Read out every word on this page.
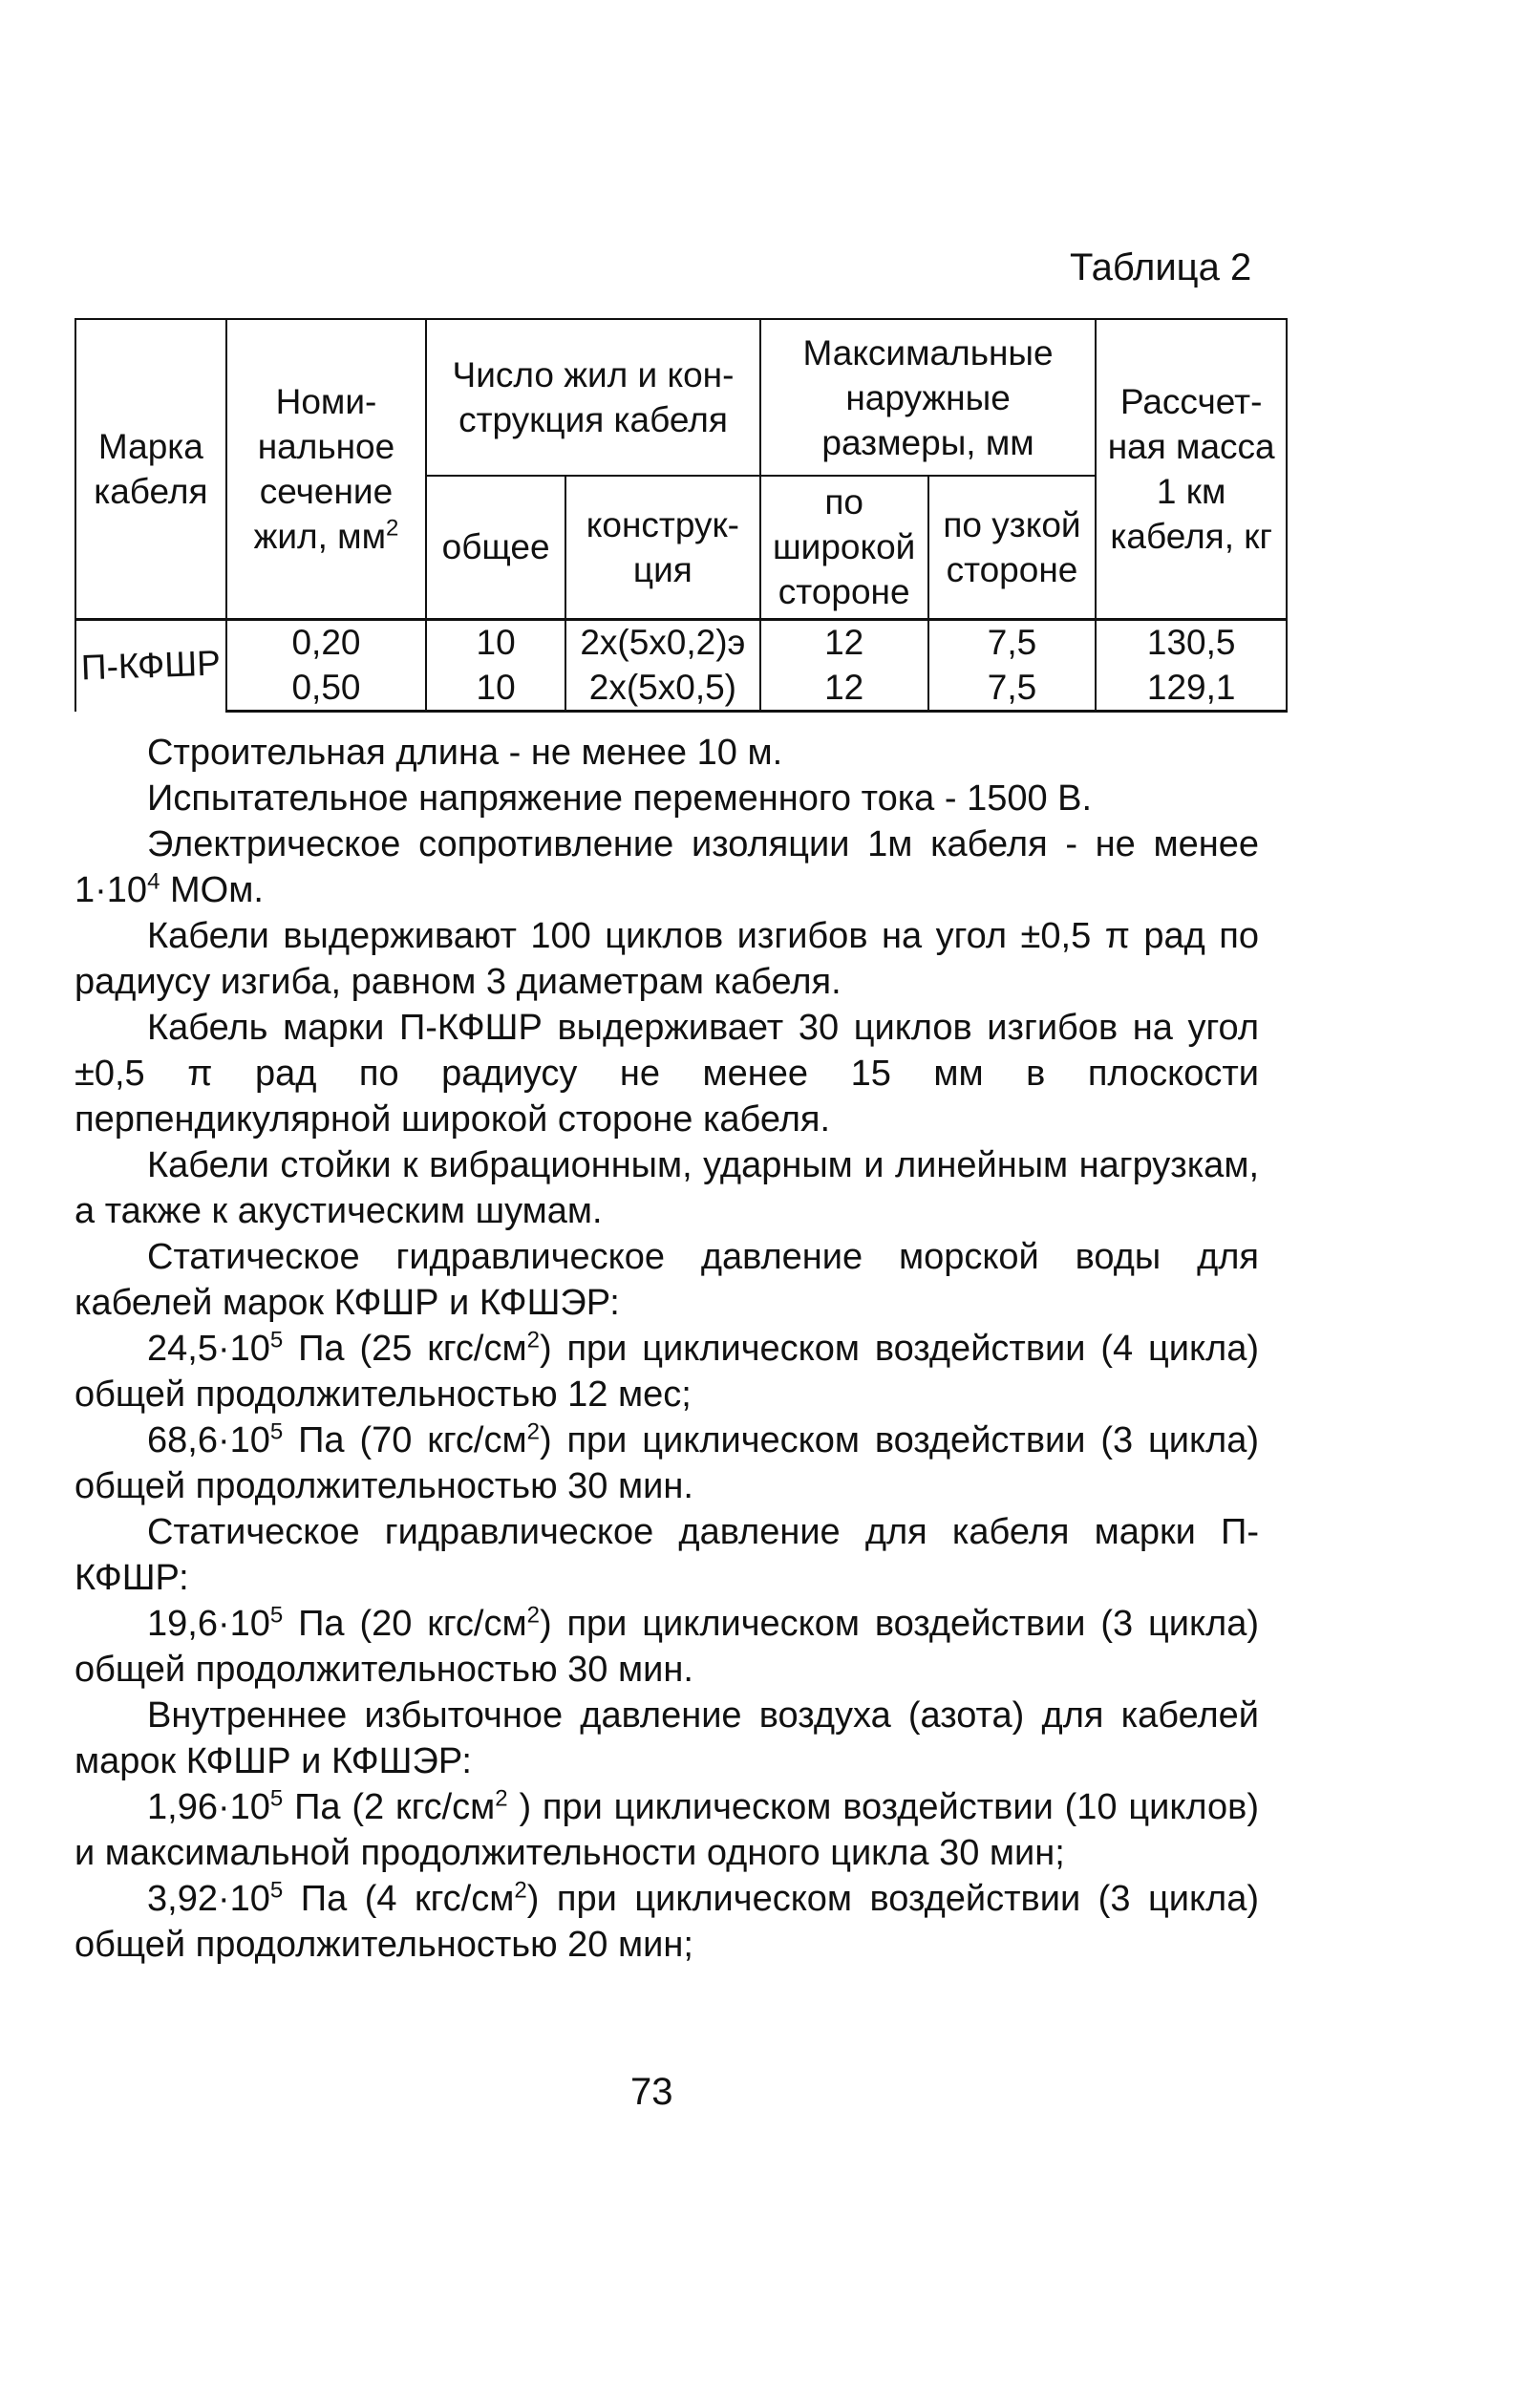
Таблица 2
Марка кабеля	Номи-нальное сечение жил, $мм^2$	Число жил и кон-струкция кабеля		Максимальные наружные размеры, мм		Рассчет-ная масса 1 км кабеля, кг
		общее	конструк-ция	по широкой стороне	по узкой стороне	
П-КФШР	0,20	10	2х(5х0,2)э	12	7,5	130,5
	0,50	10	2х(5х0,5)	12	7,5	129,1

Строительная длина - не менее 10 м.

Испытательное напряжение переменного тока - 1500 В.

Электрическое сопротивление изоляции 1м кабеля - не менее $1\cdot 10^4$ МОм.

Кабели выдерживают 100 циклов изгибов на угол ±0,5 π рад по радиусу изгиба, равном 3 диаметрам кабеля.

Кабель марки П-КФШР выдерживает 30 циклов изгибов на угол ±0,5 π рад по радиусу не менее 15 мм в плоскости перпендикулярной широкой стороне кабеля.

Кабели стойки к вибрационным, ударным и линейным нагрузкам, а также к акустическим шумам.

Статическое гидравлическое давление морской воды для кабелей марок КФШР и КФШЭР:

$24,5\cdot 10^5$ Па (25 кгс/$см^2$) при циклическом воздействии (4 цикла) общей продолжительностью 12 мес;

$68,6\cdot 10^5$ Па (70 кгс/$см^2$) при циклическом воздействии (3 цикла) общей продолжительностью 30 мин.

Статическое гидравлическое давление для кабеля марки П-КФШР:

$19,6\cdot 10^5$ Па (20 кгс/$см^2$) при циклическом воздействии (3 цикла) общей продолжительностью 30 мин.

Внутреннее избыточное давление воздуха (азота) для кабелей марок КФШР и КФШЭР:

$1,96\cdot 10^5$ Па (2 кгс/$см^2$ ) при циклическом воздействии (10 циклов) и максимальной продолжительности одного цикла 30 мин;

$3,92\cdot 10^5$ Па (4 кгс/$см^2$) при циклическом воздействии (3 цикла) общей продолжительностью 20 мин;

73
